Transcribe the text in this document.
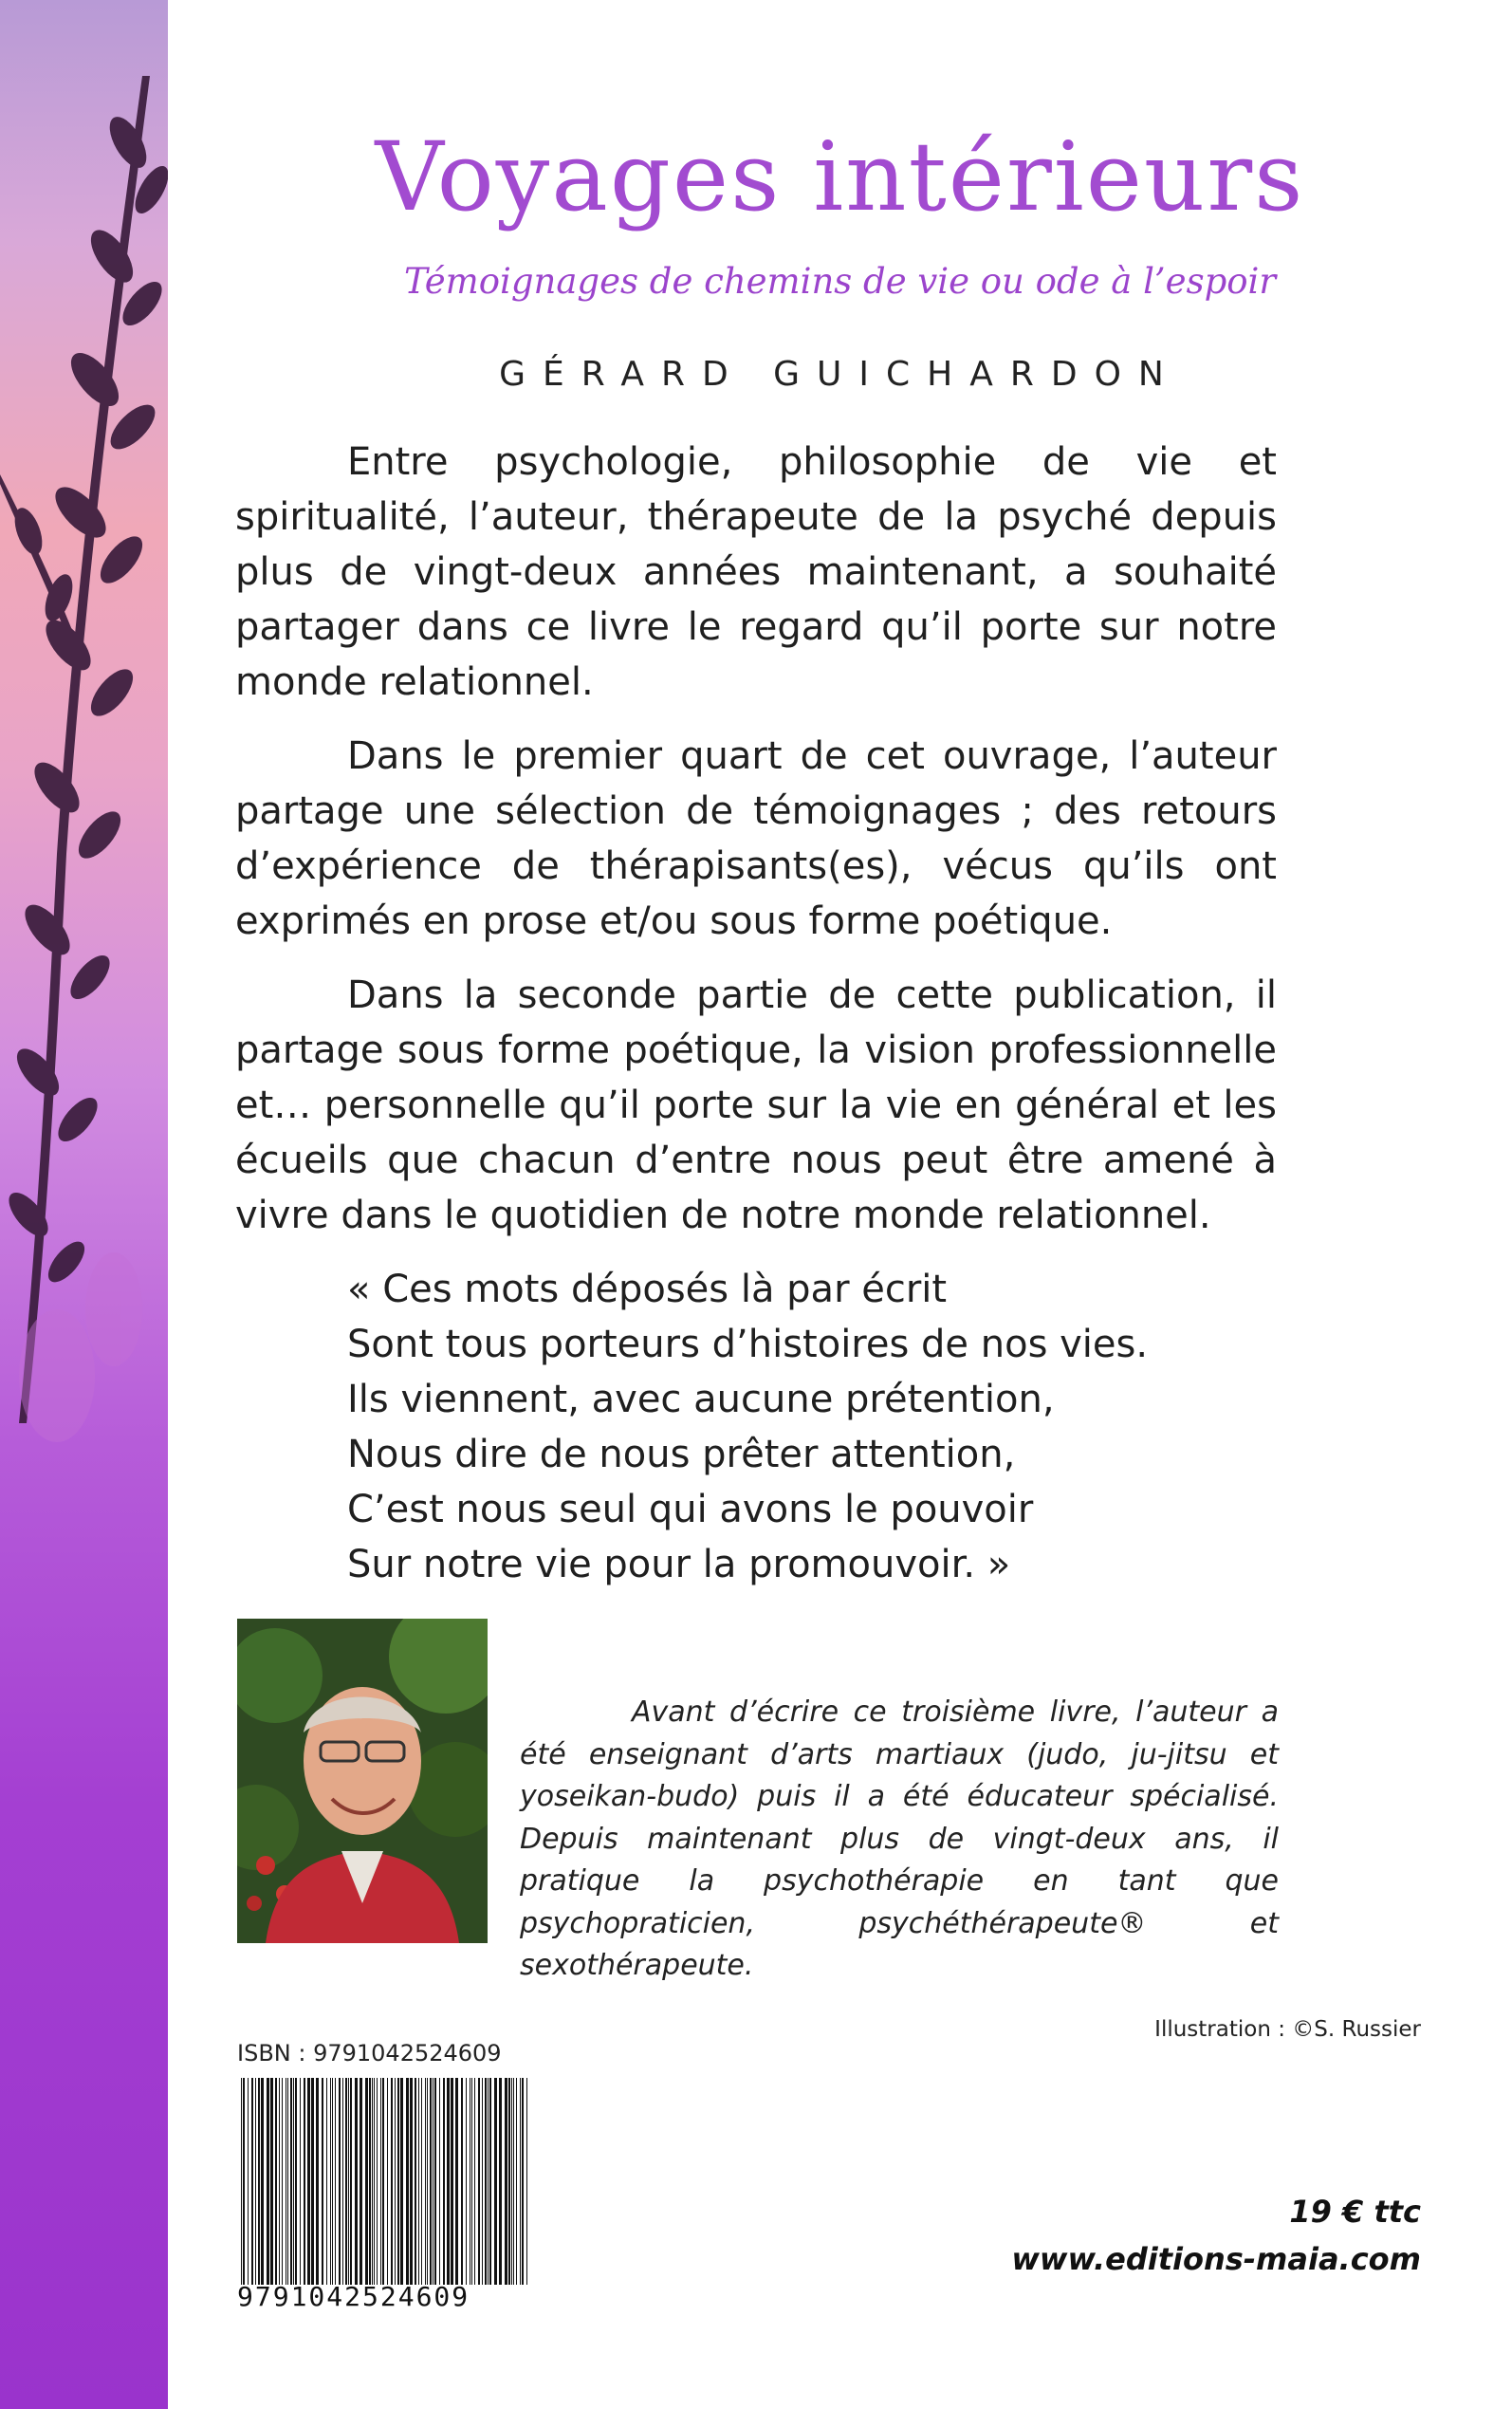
Voyages intérieurs

Témoignages de chemins de vie ou ode à l’espoir

GÉRARD GUICHARDON

Entre psychologie, philosophie de vie et spiritualité, l’auteur, thérapeute de la psyché depuis plus de vingt-deux années maintenant, a souhaité partager dans ce livre le regard qu’il porte sur notre monde relationnel.

Dans le premier quart de cet ouvrage, l’auteur partage une sélection de témoignages ; des retours d’expérience de thérapisants(es), vécus qu’ils ont exprimés en prose et/ou sous forme poétique.

Dans la seconde partie de cette publication, il partage sous forme poétique, la vision professionnelle et… personnelle qu’il porte sur la vie en général et les écueils que chacun d’entre nous peut être amené à vivre dans le quotidien de notre monde relationnel.

« Ces mots déposés là par écrit
Sont tous porteurs d’histoires de nos vies.
Ils viennent, avec aucune prétention,
Nous dire de nous prêter attention,
C’est nous seul qui avons le pouvoir
Sur notre vie pour la promouvoir. »

Avant d’écrire ce troisième livre, l’auteur a été enseignant d’arts martiaux (judo, ju-jitsu et yoseikan-budo) puis il a été éducateur spécialisé. Depuis maintenant plus de vingt-deux ans, il pratique la psychothérapie en tant que psychopraticien, psychéthérapeute® et sexothérapeute.

Illustration : ©S. Russier

ISBN : 9791042524609

9791042524609

19 € ttc

www.editions-maia.com
